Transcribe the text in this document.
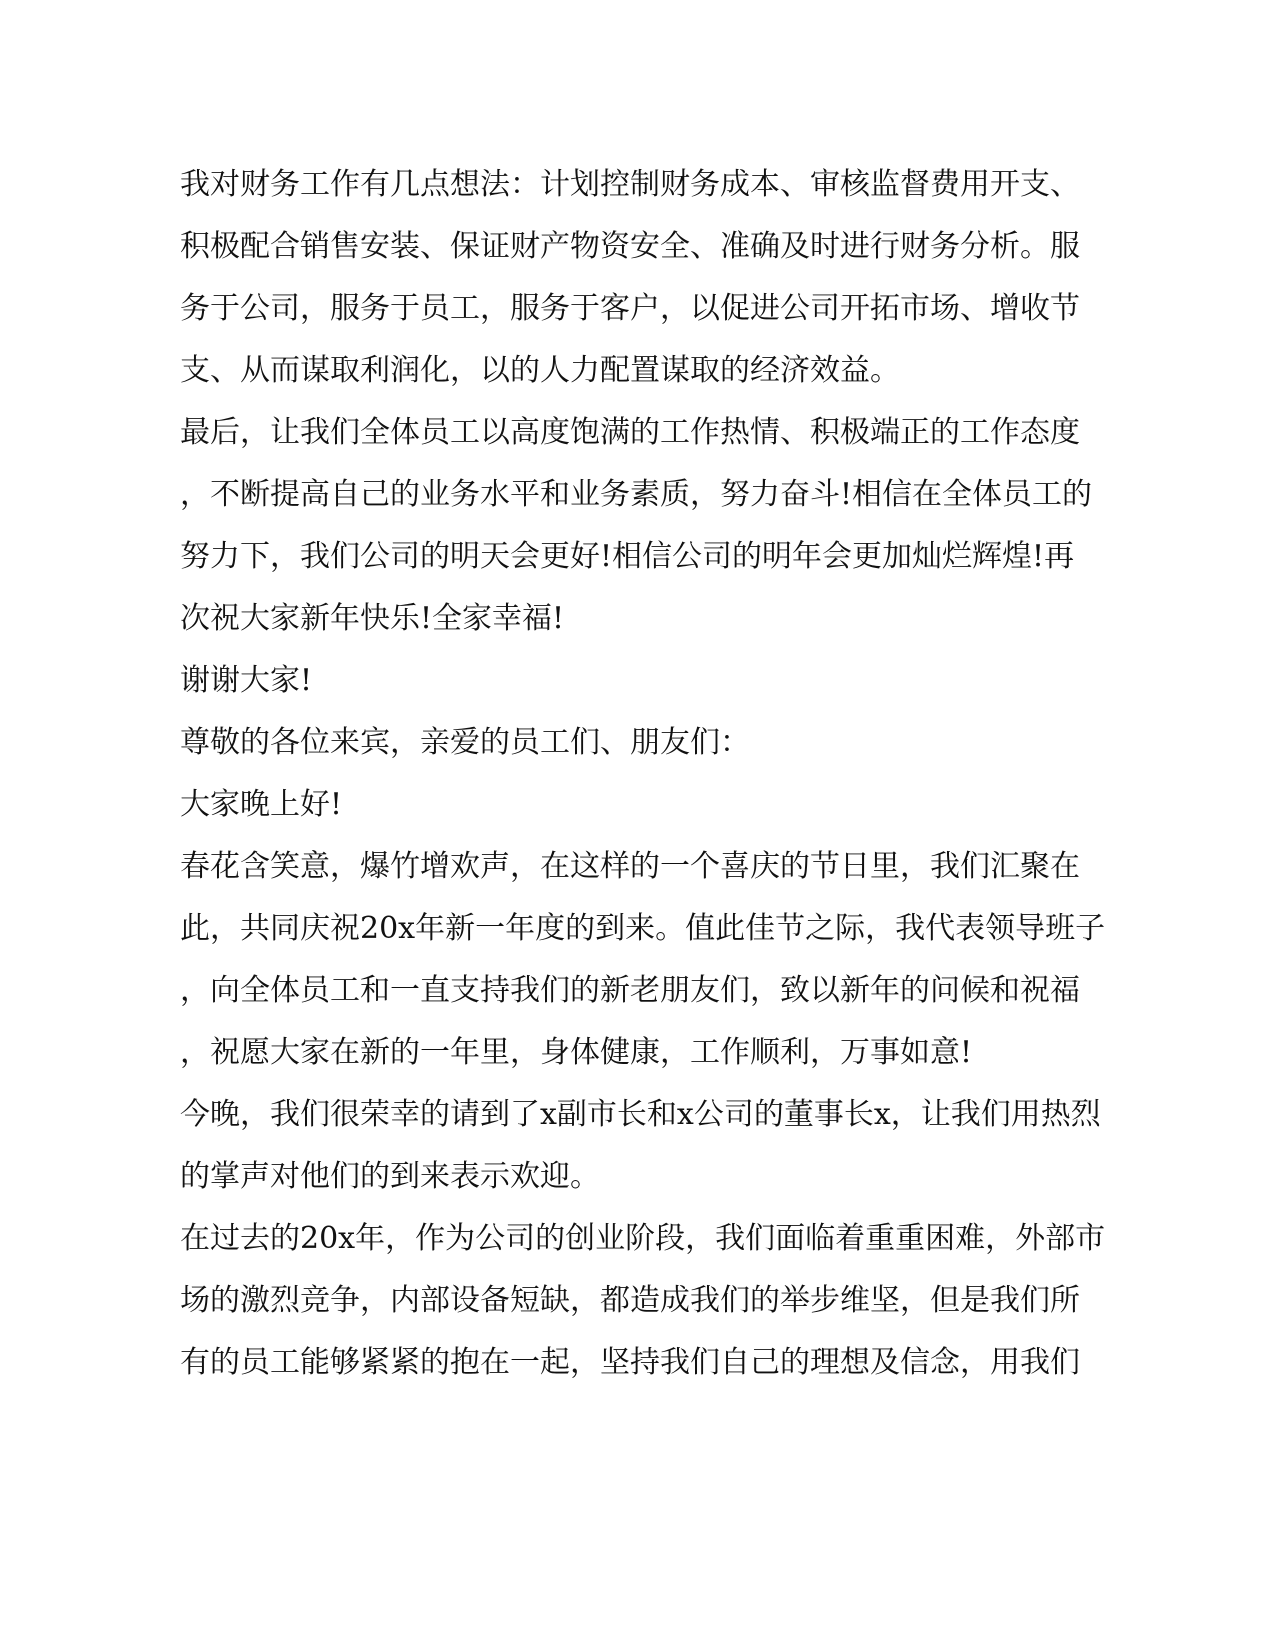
我对财务工作有几点想法：计划控制财务成本、审核监督费用开支、
积极配合销售安装、保证财产物资安全、准确及时进行财务分析。服
务于公司，服务于员工，服务于客户，以促进公司开拓市场、增收节
支、从而谋取利润化，以的人力配置谋取的经济效益。
最后，让我们全体员工以高度饱满的工作热情、积极端正的工作态度
，不断提高自己的业务水平和业务素质，努力奋斗!相信在全体员工的
努力下，我们公司的明天会更好!相信公司的明年会更加灿烂辉煌!再
次祝大家新年快乐!全家幸福!
谢谢大家!
尊敬的各位来宾，亲爱的员工们、朋友们：
大家晚上好!
春花含笑意，爆竹增欢声，在这样的一个喜庆的节日里，我们汇聚在
此，共同庆祝20x年新一年度的到来。值此佳节之际，我代表领导班子
，向全体员工和一直支持我们的新老朋友们，致以新年的问候和祝福
，祝愿大家在新的一年里，身体健康，工作顺利，万事如意!
今晚，我们很荣幸的请到了x副市长和x公司的董事长x，让我们用热烈
的掌声对他们的到来表示欢迎。
在过去的20x年，作为公司的创业阶段，我们面临着重重困难，外部市
场的激烈竞争，内部设备短缺，都造成我们的举步维坚，但是我们所
有的员工能够紧紧的抱在一起，坚持我们自己的理想及信念，用我们
